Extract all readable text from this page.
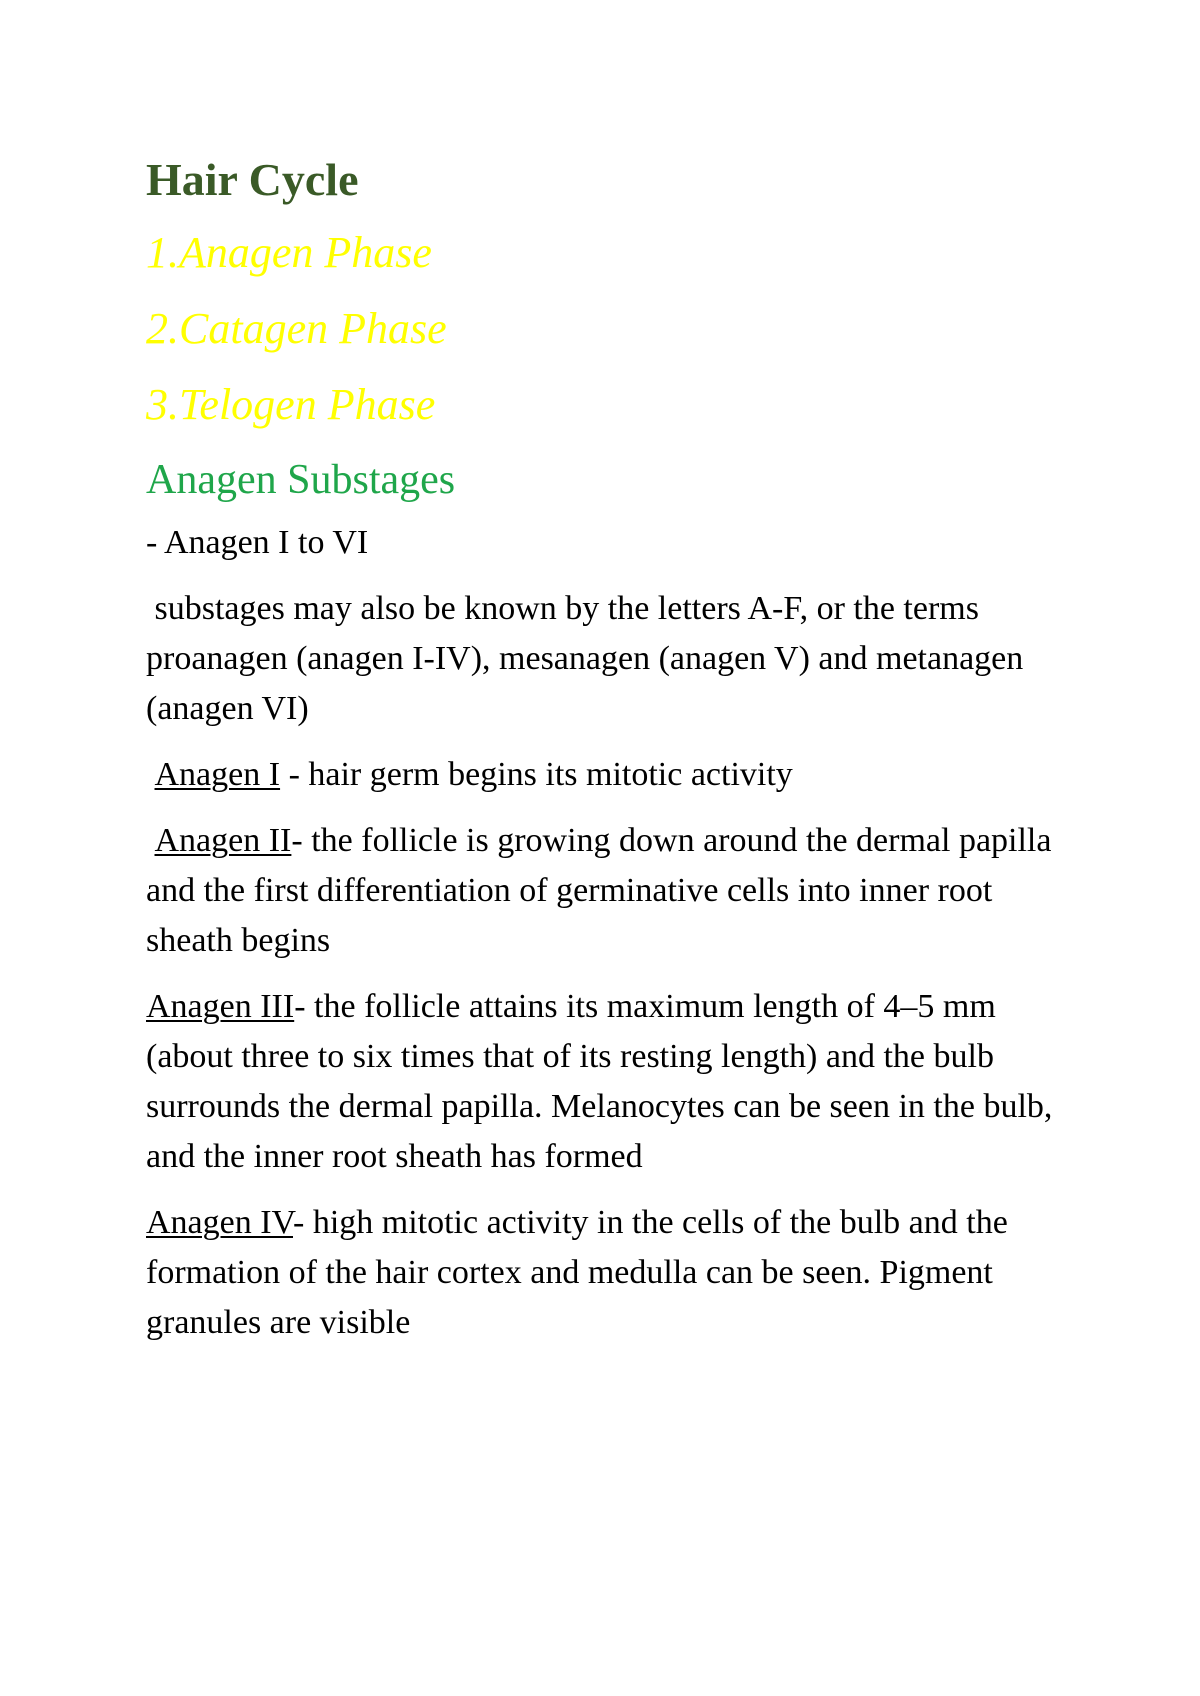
Hair Cycle
1.Anagen Phase
2.Catagen Phase
3.Telogen Phase
Anagen Substages

- Anagen I to VI

substages may also be known by the letters A-F, or the terms proanagen (anagen I-IV), mesanagen (anagen V) and metanagen (anagen VI)

Anagen I - hair germ begins its mitotic activity

Anagen II- the follicle is growing down around the dermal papilla and the first differentiation of germinative cells into inner root sheath begins

Anagen III- the follicle attains its maximum length of 4–5 mm (about three to six times that of its resting length) and the bulb surrounds the dermal papilla. Melanocytes can be seen in the bulb, and the inner root sheath has formed

Anagen IV- high mitotic activity in the cells of the bulb and the formation of the hair cortex and medulla can be seen. Pigment granules are visible
